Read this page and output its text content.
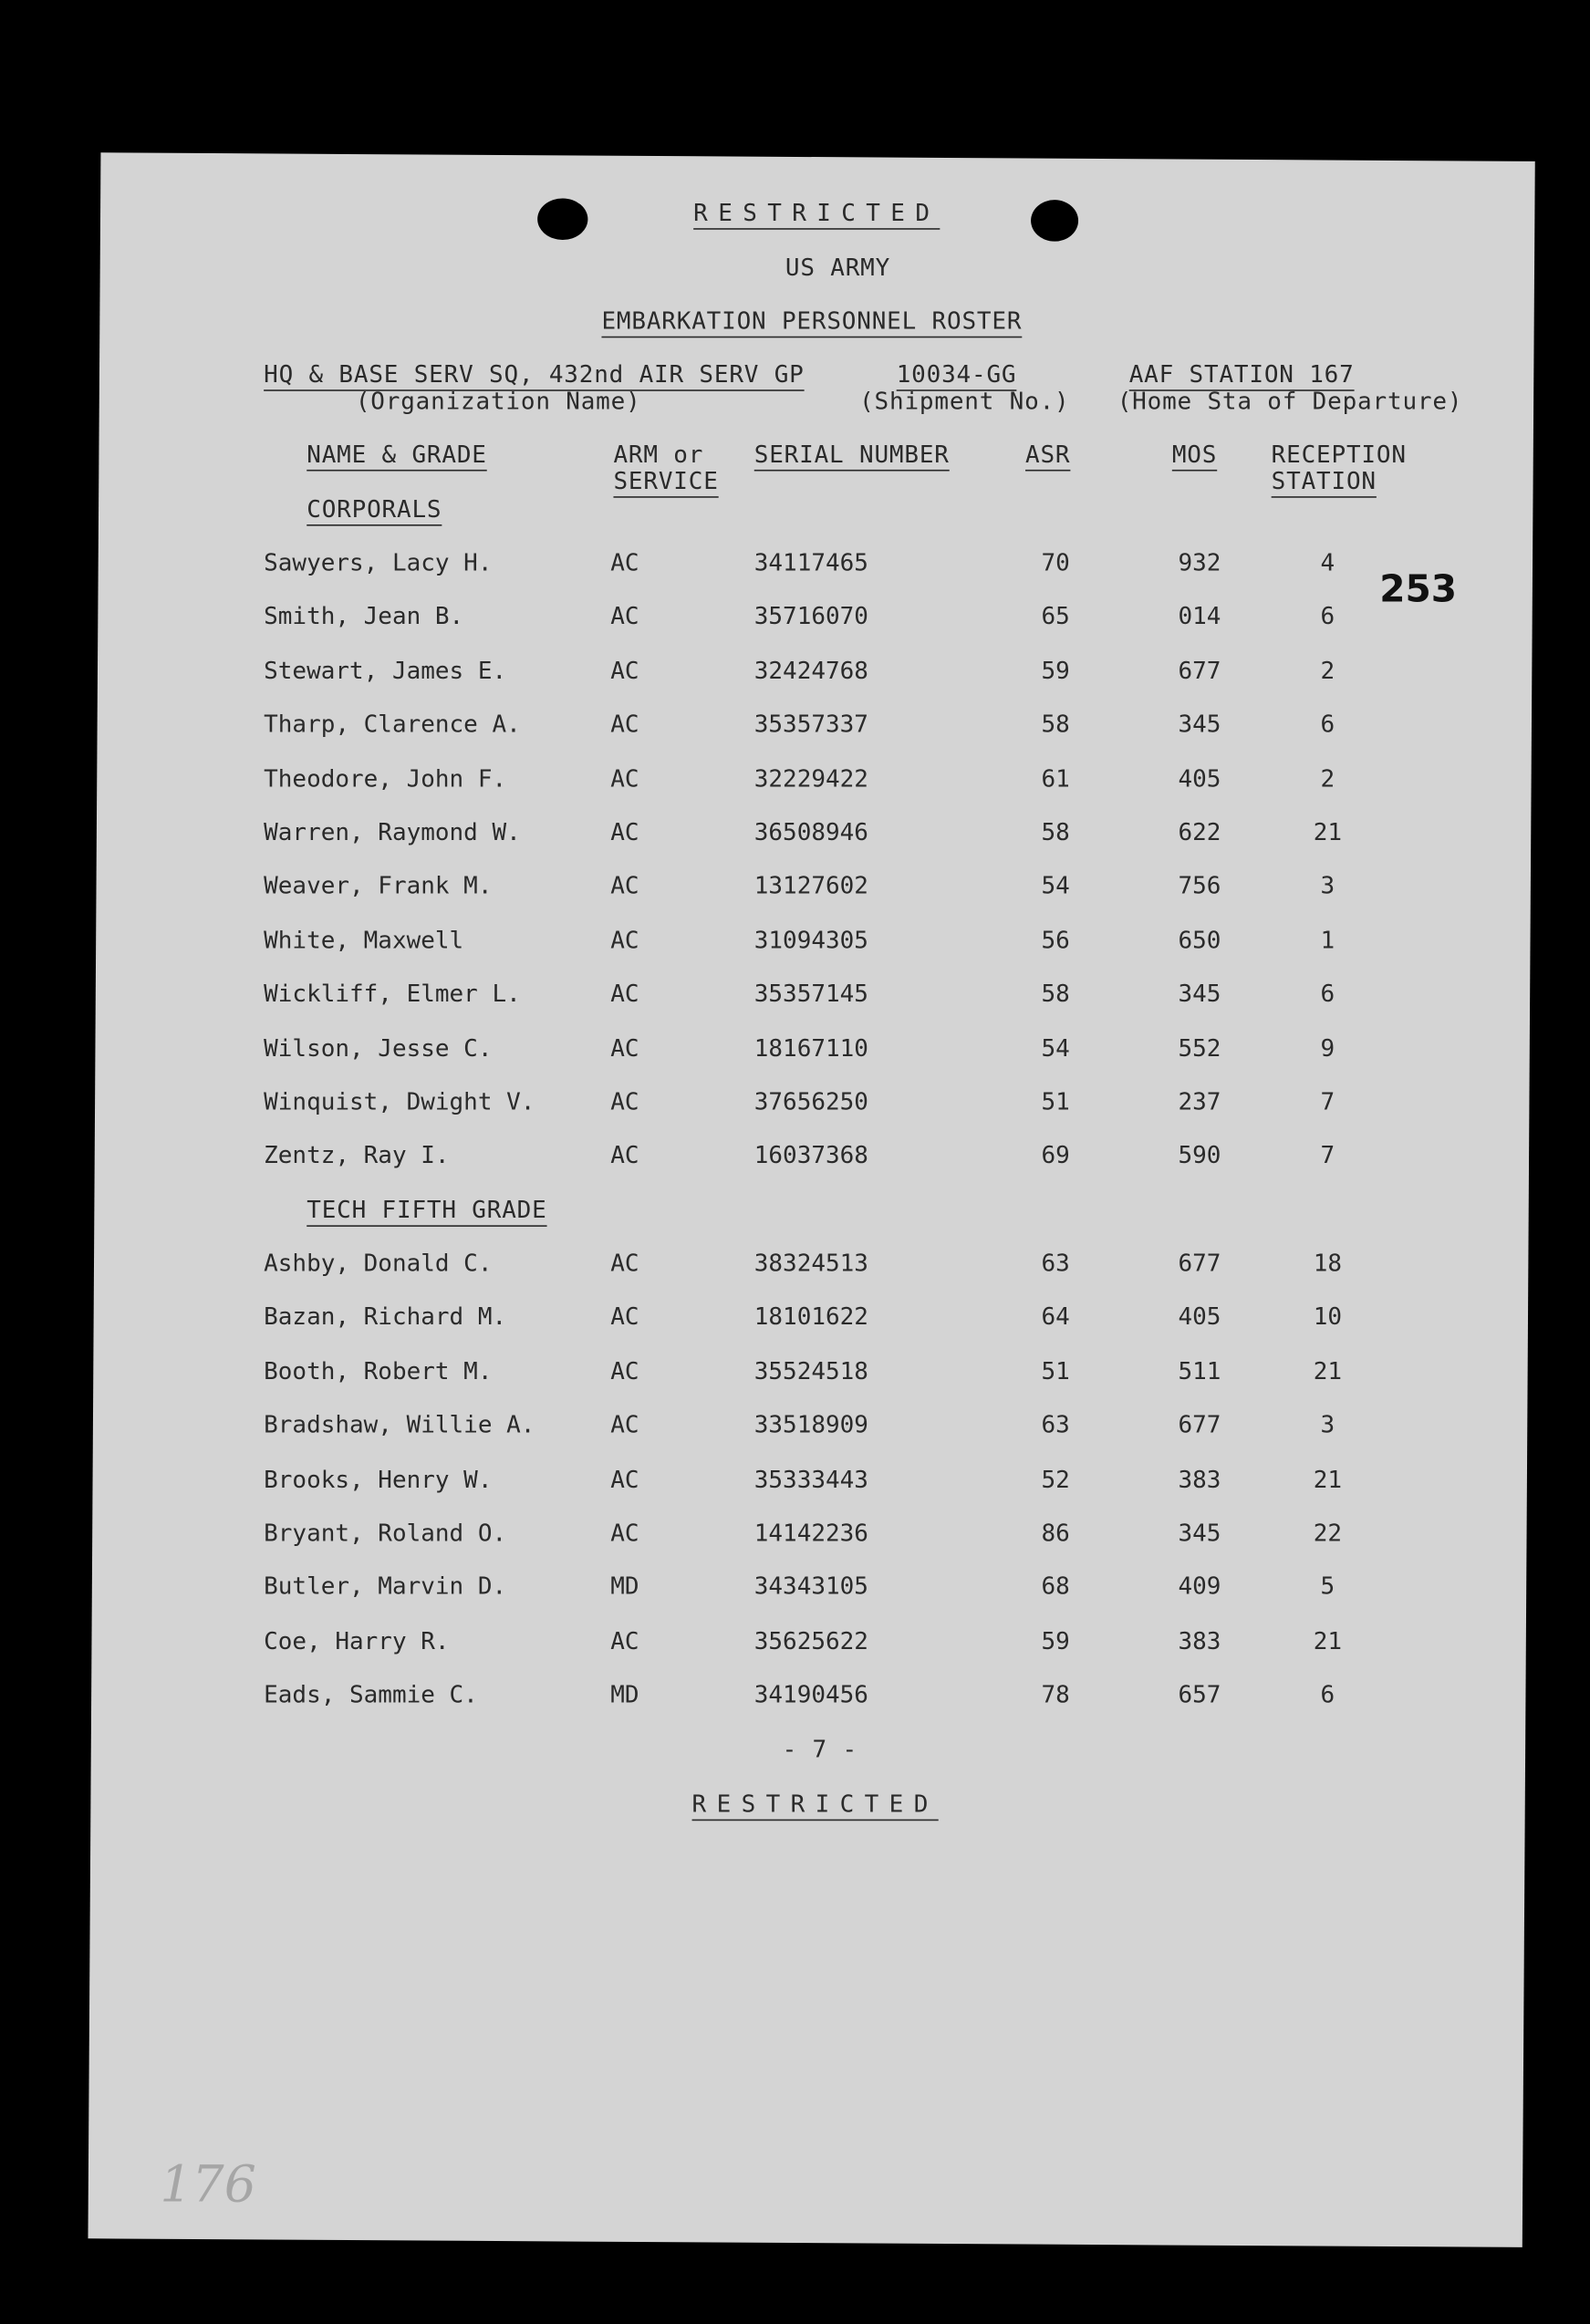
RESTRICTED
US ARMY
EMBARKATION PERSONNEL ROSTER
HQ & BASE SERV SQ, 432nd AIR SERV GP
(Organization Name)
10034-GG
(Shipment No.)
AAF STATION 167
(Home Sta of Departure)
NAME & GRADE	ARM or
SERVICE
SERIAL NUMBER	ASR	MOS	RECEPTION
STATION
253
CORPORALS
Sawyers, Lacy H.	AC	34117465	70	932	4
Smith, Jean B.	AC	35716070	65	014	6
Stewart, James E.	AC	32424768	59	677	2
Tharp, Clarence A.	AC	35357337	58	345	6
Theodore, John F.	AC	32229422	61	405	2
Warren, Raymond W.	AC	36508946	58	622	21
Weaver, Frank M.	AC	13127602	54	756	3
White, Maxwell	AC	31094305	56	650	1
Wickliff, Elmer L.	AC	35357145	58	345	6
Wilson, Jesse C.	AC	18167110	54	552	9
Winquist, Dwight V.	AC	37656250	51	237	7
Zentz, Ray I.	AC	16037368	69	590	7
TECH FIFTH GRADE
Ashby, Donald C.	AC	38324513	63	677	18
Bazan, Richard M.	AC	18101622	64	405	10
Booth, Robert M.	AC	35524518	51	511	21
Bradshaw, Willie A.	AC	33518909	63	677	3
Brooks, Henry W.	AC	35333443	52	383	21
Bryant, Roland O.	AC	14142236	86	345	22
Butler, Marvin D.	MD	34343105	68	409	5
Coe, Harry R.	AC	35625622	59	383	21
Eads, Sammie C.	MD	34190456	78	657	6
- 7 -
RESTRICTED
176
